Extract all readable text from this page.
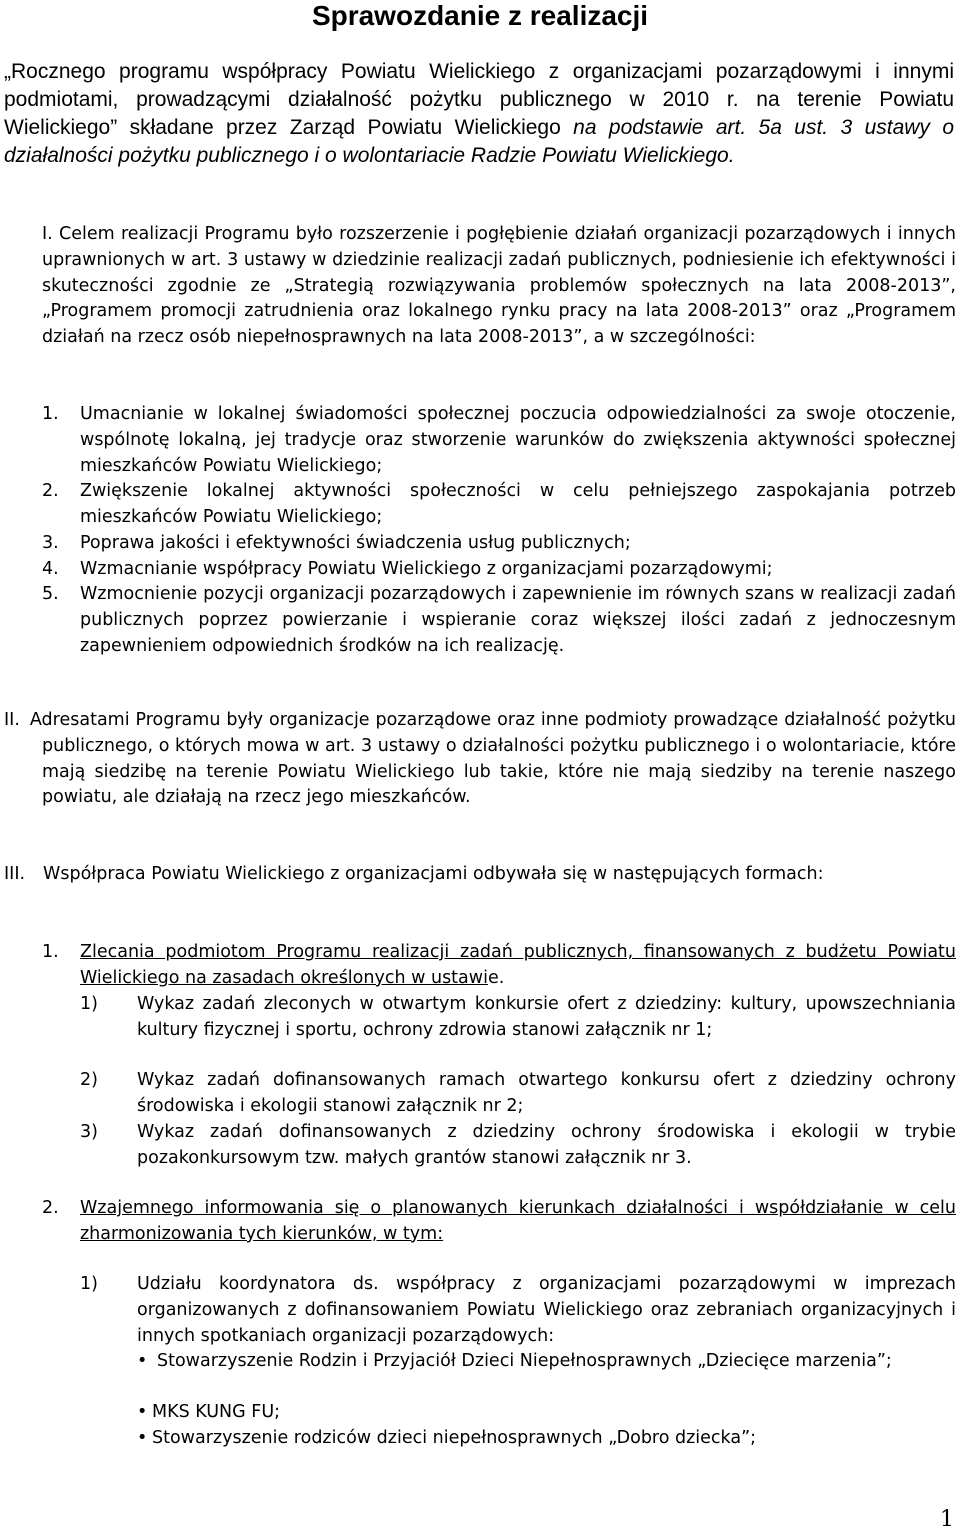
Sprawozdanie z realizacji

„Rocznego programu współpracy Powiatu Wielickiego z organizacjami pozarządowymi i innymi podmiotami, prowadzącymi działalność pożytku publicznego w 2010 r. na terenie Powiatu Wielickiego” składane przez Zarząd Powiatu Wielickiego na podstawie art. 5a ust. 3 ustawy o działalności pożytku publicznego i o wolontariacie Radzie Powiatu Wielickiego.

I. Celem realizacji Programu było rozszerzenie i pogłębienie działań organizacji pozarządowych i innych uprawnionych w art. 3 ustawy w dziedzinie realizacji zadań publicznych, podniesienie ich efektywności i skuteczności zgodnie ze „Strategią rozwiązywania problemów społecznych na lata 2008-2013”, „Programem promocji zatrudnienia oraz lokalnego rynku pracy na lata 2008-2013” oraz „Programem działań na rzecz osób niepełnosprawnych na lata 2008-2013”, a w szczególności:

1.	Umacnianie w lokalnej świadomości społecznej poczucia odpowiedzialności za swoje otoczenie, wspólnotę lokalną, jej tradycje oraz stworzenie warunków do zwiększenia aktywności społecznej mieszkańców Powiatu Wielickiego;
2.	Zwiększenie lokalnej aktywności społeczności w celu pełniejszego zaspokajania potrzeb mieszkańców Powiatu Wielickiego;
3.	Poprawa jakości i efektywności świadczenia usług publicznych;
4.	Wzmacnianie współpracy Powiatu Wielickiego z organizacjami pozarządowymi;
5.	Wzmocnienie pozycji organizacji pozarządowych i zapewnienie im równych szans w realizacji zadań publicznych poprzez powierzanie i wspieranie coraz większej ilości zadań z jednoczesnym zapewnieniem odpowiednich środków na ich realizację.

II. Adresatami Programu były organizacje pozarządowe oraz inne podmioty prowadzące działalność pożytku publicznego, o których mowa w art. 3 ustawy o działalności pożytku publicznego i o wolontariacie, które mają siedzibę na terenie Powiatu Wielickiego lub takie, które nie mają siedziby na terenie naszego powiatu, ale działają na rzecz jego mieszkańców.

III. Współpraca Powiatu Wielickiego z organizacjami odbywała się w następujących formach:

1.	Zlecania podmiotom Programu realizacji zadań publicznych, finansowanych z budżetu Powiatu Wielickiego na zasadach określonych w ustawie.
1)	Wykaz zadań zleconych w otwartym konkursie ofert z dziedziny: kultury, upowszechniania kultury fizycznej i sportu, ochrony zdrowia stanowi załącznik nr 1;
2)	Wykaz zadań dofinansowanych ramach otwartego konkursu ofert z dziedziny ochrony środowiska i ekologii stanowi załącznik nr 2;
3)	Wykaz zadań dofinansowanych z dziedziny ochrony środowiska i ekologii w trybie pozakonkursowym tzw. małych grantów stanowi załącznik nr 3.
2.	Wzajemnego informowania się o planowanych kierunkach działalności i współdziałanie w celu zharmonizowania tych kierunków, w tym:
1)	Udziału koordynatora ds. współpracy z organizacjami pozarządowymi w imprezach organizowanych z dofinansowaniem Powiatu Wielickiego oraz zebraniach organizacyjnych i innych spotkaniach organizacji pozarządowych:
• Stowarzyszenie Rodzin i Przyjaciół Dzieci Niepełnosprawnych „Dziecięce marzenia”;
• MKS KUNG FU;
• Stowarzyszenie rodziców dzieci niepełnosprawnych „Dobro dziecka”;
1
